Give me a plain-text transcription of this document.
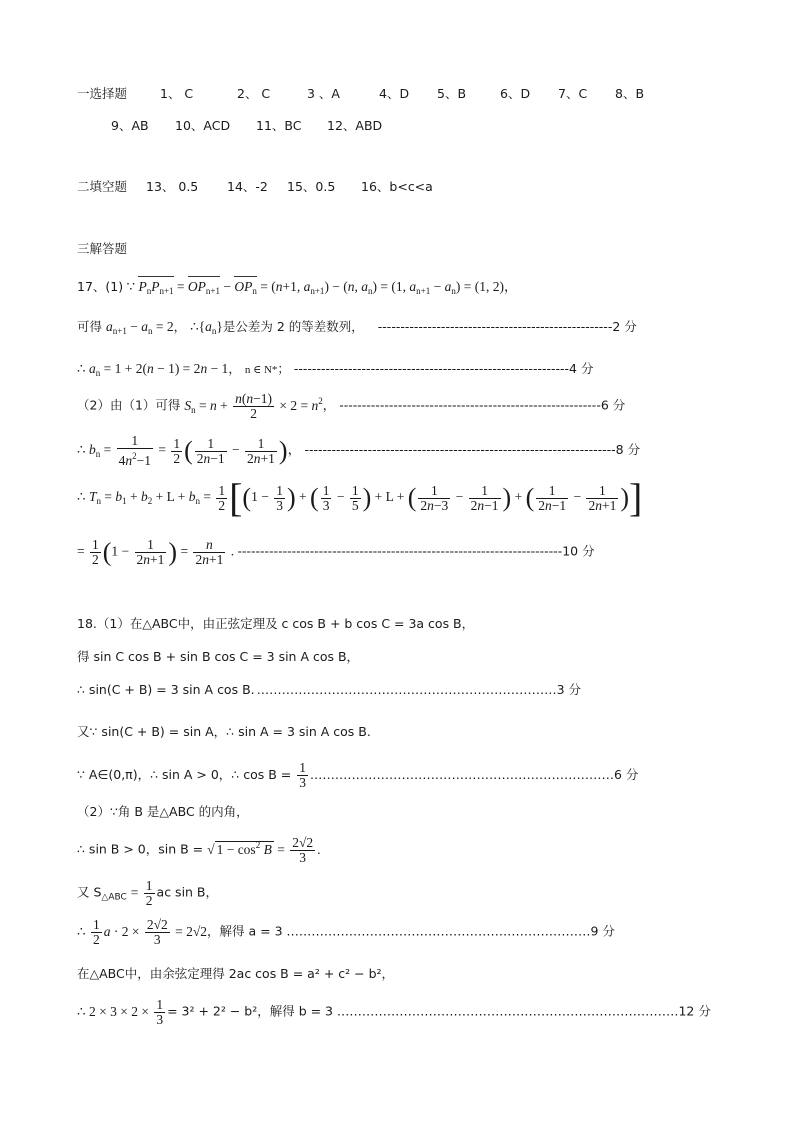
一选择题	1、 C	2、 C	3 、A	4、D 5、B	6、D 7、C 8、B
9、AB 10、ACD 11、BC 12、ABD
二填空题 13、 0.5 14、-2 15、0.5 16、b<c<a
三解答题
17、(1) ∵ $P_nP_{n+1} = OP_{n+1} - OP_n = (n+1$, $a_{n+1}) - (n$, $a_n) = (1$, $a_{n+1} - a_n) = (1$, 2)，
可得 $a_{n+1} - a_n = 2$， $\therefore\{a_n\}$是公差为 2 的等差数列， ----------------------------------------------------2 分
∴ $a_n = 1 + 2(n - 1) = 2n - 1$， n ∈ N*； -------------------------------------------------------------4 分
（2）由（1）可得 $S_n = n + \frac{n(n-1)}{2} \times 2 = n^2$， ----------------------------------------------------------6 分
∴ $b_n = \frac{1}{4n^2-1} = \frac{1}{2}$ ( $\frac{1}{2n-1} - \frac{1}{2n+1}$ )， ---------------------------------------------------------------------8 分
∴ $T_n = b_1 + b_2 + L + b_n = \frac{1}{2} [(1 - \frac{1}{3}$ ) + ( $\frac{1}{3} - \frac{1}{5}$ ) + L + ( $\frac{1}{2n-3} - \frac{1}{2n-1}$ ) + ( $\frac{1}{2n-1} - \frac{1}{2n+1}$ )]
= $\frac{1}{2} (1 - \frac{1}{2n+1}$ ) = $\frac{n}{2n+1}$ . ------------------------------------------------------------------------10 分
18.（1）在△ABC中，由正弦定理及 c cos B + b cos C = 3a cos B，
得 sin C cos B + sin B cos C = 3 sin A cos B，
∴ sin(C + B) = 3 sin A cos B. ………………………………………………………………3 分
又∵ sin(C + B) = sin A，∴ sin A = 3 sin A cos B.
∵ A∈(0,π)，∴ sin A > 0，∴ $\cos B = \frac{1}{3}$ .………………………………………………………………6 分
（2）∵角 B 是△ABC 的内角，
∴ sin B > 0，sin B = √ $1 - \cos^2 B = \frac{2√2}{3}$ .
又 $S_{\triangle ABC} = \frac{1}{2}$ ac sin B，
∴ $\frac{1}{2}$ $a \cdot 2 \times \frac{2√2}{3} = 2√2$，解得 a = 3 .………………………………………………………………9 分
在△ABC中，由余弦定理得 2ac cos B = a² + c² − b²，
∴ $2 \times 3 \times 2 \times \frac{1}{3} = 3^2 + 2^2 - b^2$，解得 b = 3 .………………………………………………………………………12 分
